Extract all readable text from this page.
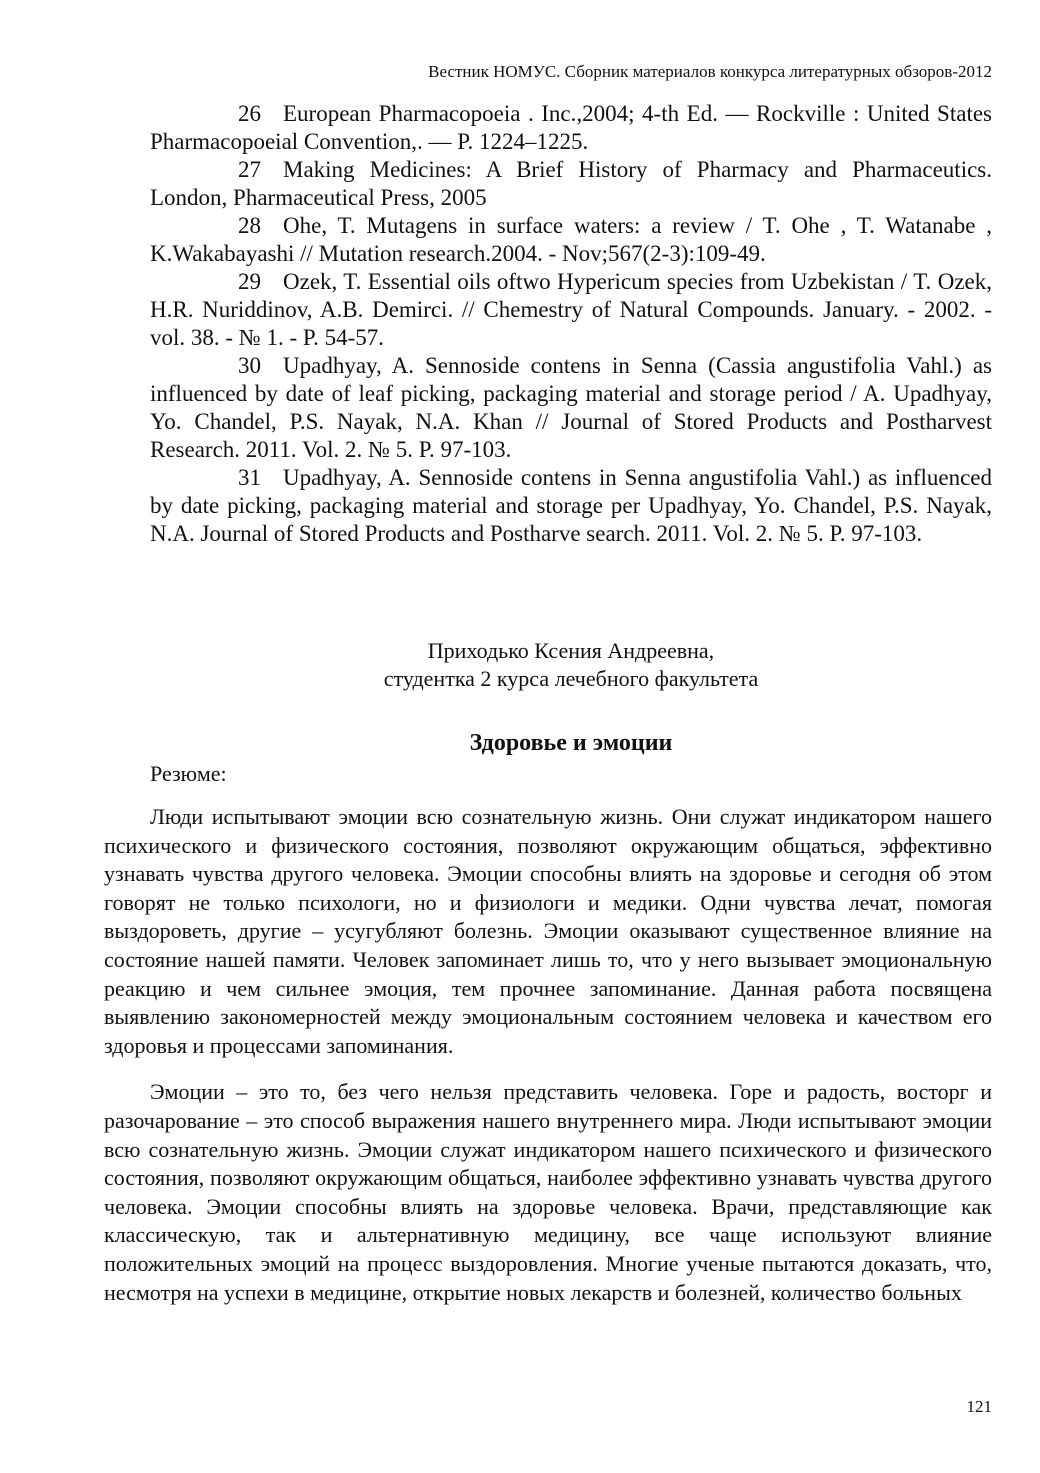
Вестник НОМУС. Сборник материалов конкурса литературных обзоров-2012

26 European Pharmacopoeia . Inc.,2004; 4-th Ed. — Rockville : United States Pharmacopoeial Convention,. — P. 1224–1225.

27 Making Medicines: A Brief History of Pharmacy and Pharmaceutics. London, Pharmaceutical Press, 2005

28 Ohe, T. Mutagens in surface waters: a review / T. Ohe , T. Watanabe , K.Wakabayashi // Mutation research.2004. - Nov;567(2-3):109-49.

29 Ozek, T. Essential oils oftwo Hypericum species from Uzbekistan / T. Ozek, H.R. Nuriddinov, A.B. Demirci. // Chemestry of Natural Compounds. January. - 2002. - vol. 38. - № 1. - P. 54-57.

30 Upadhyay, A. Sennoside contens in Senna (Cassia angustifolia Vahl.) as influenced by date of leaf picking, packaging material and storage period / A. Upadhyay, Yo. Chandel, P.S. Nayak, N.A. Khan // Journal of Stored Products and Postharvest Research. 2011. Vol. 2. № 5. P. 97-103.

31 Upadhyay, A. Sennoside contens in Senna angustifolia Vahl.) as influenced by date picking, packaging material and storage per Upadhyay, Yo. Chandel, P.S. Nayak, N.A. Journal of Stored Products and Postharve search. 2011. Vol. 2. № 5. P. 97-103.

Приходько Ксения Андреевна,
студентка 2 курса лечебного факультета
Здоровье и эмоции
Резюме:

Люди испытывают эмоции всю сознательную жизнь. Они служат индикатором нашего психического и физического состояния, позволяют окружающим общаться, эффективно узнавать чувства другого человека. Эмоции способны влиять на здоровье и сегодня об этом говорят не только психологи, но и физиологи и медики. Одни чувства лечат, помогая выздороветь, другие – усугубляют болезнь. Эмоции оказывают существенное влияние на состояние нашей памяти. Человек запоминает лишь то, что у него вызывает эмоциональную реакцию и чем сильнее эмоция, тем прочнее запоминание. Данная работа посвящена выявлению закономерностей между эмоциональным состоянием человека и качеством его здоровья и процессами запоминания.

Эмоции – это то, без чего нельзя представить человека. Горе и радость, восторг и разочарование – это способ выражения нашего внутреннего мира. Люди испытывают эмоции всю сознательную жизнь. Эмоции служат индикатором нашего психического и физического состояния, позволяют окружающим общаться, наиболее эффективно узнавать чувства другого человека. Эмоции способны влиять на здоровье человека. Врачи, представляющие как классическую, так и альтернативную медицину, все чаще используют влияние положительных эмоций на процесс выздоровления. Многие ученые пытаются доказать, что, несмотря на успехи в медицине, открытие новых лекарств и болезней, количество больных

121
